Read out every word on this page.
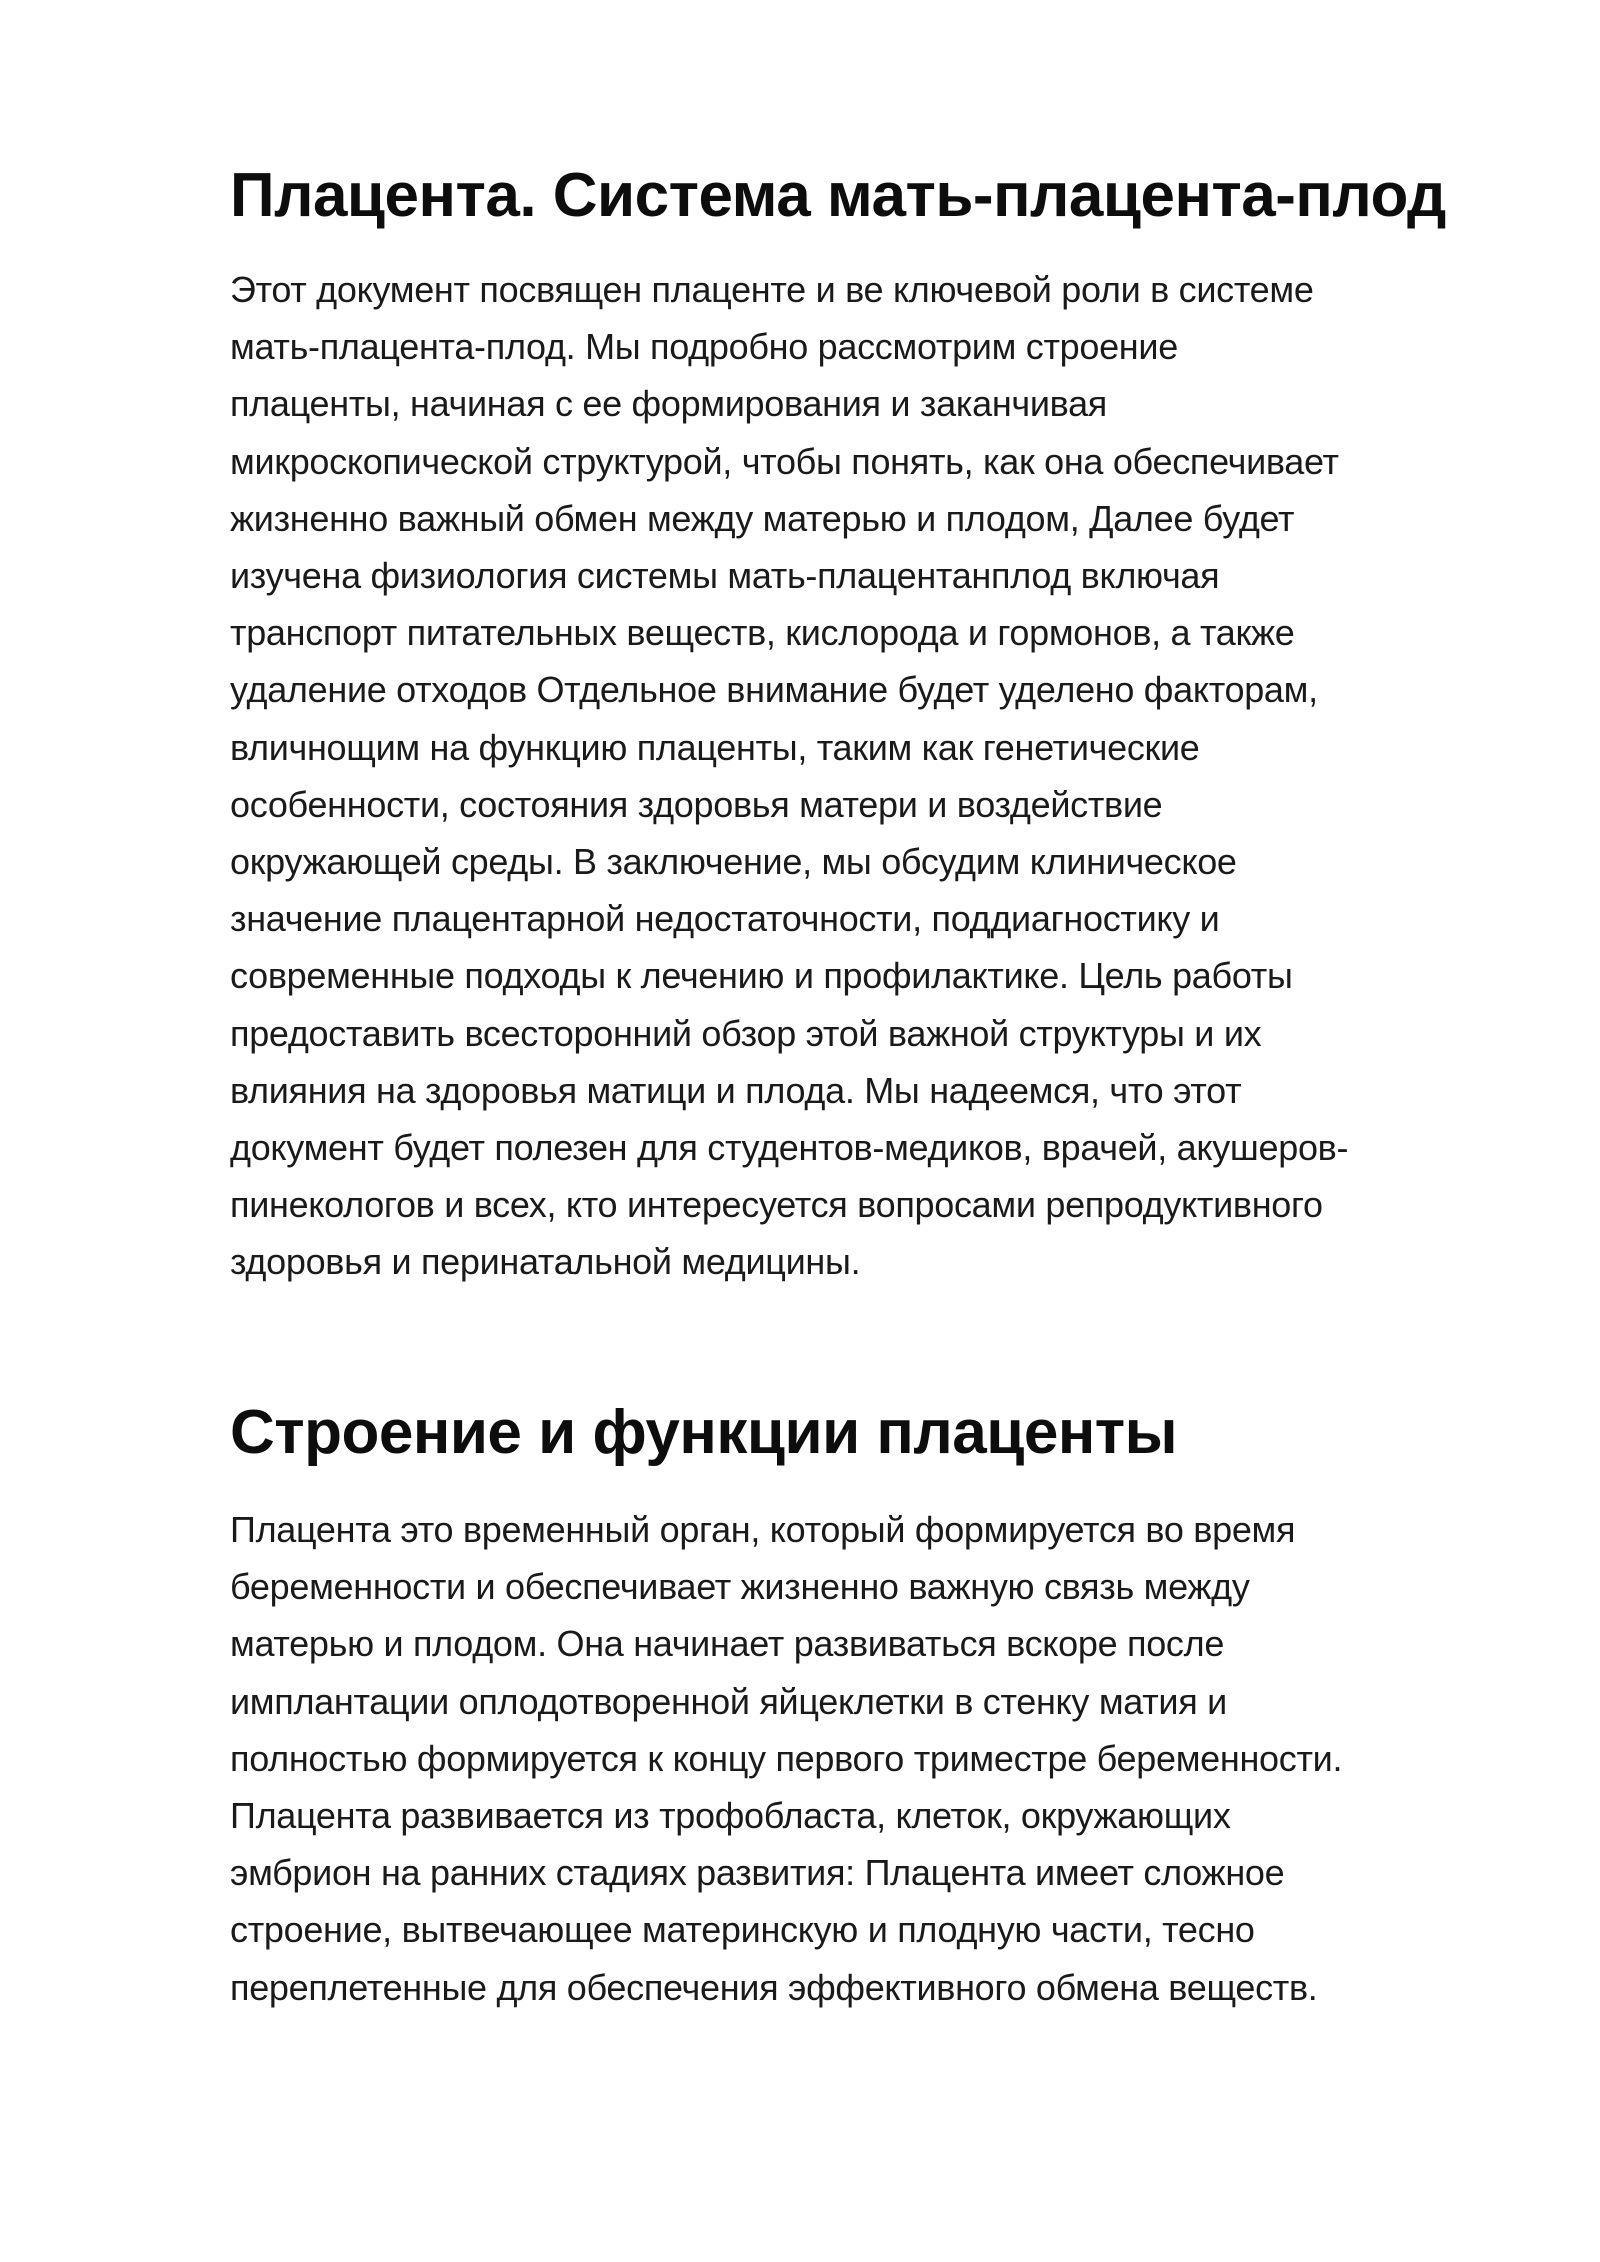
Плацента. Система мать-плацента-плод

Этот документ посвящен плаценте и ве ключевой роли в системе
мать-плацента-плод. Мы подробно рассмотрим строение
плаценты, начиная с ее формирования и заканчивая
микроскопической структурой, чтобы понять, как она обеспечивает
жизненно важный обмен между матерью и плодом, Далее будет
изучена физиология системы мать-плацентанплод включая
транспорт питательных веществ, кислорода и гормонов, а также
удаление отходов Отдельное внимание будет уделено факторам,
вличнощим на функцию плаценты, таким как генетические
особенности, состояния здоровья матери и воздействие
окружающей среды. В заключение, мы обсудим клиническое
значение плацентарной недостаточности, поддиагностику и
современные подходы к лечению и профилактике. Цель работы
предоставить всесторонний обзор этой важной структуры и их
влияния на здоровья матици и плода. Мы надеемся, что этот
документ будет полезен для студентов-медиков, врачей, акушеров-
пинекологов и всех, кто интересуется вопросами репродуктивного
здоровья и перинатальной медицины.

Строение и функции плаценты

Плацента это временный орган, который формируется во время
беременности и обеспечивает жизненно важную связь между
матерью и плодом. Она начинает развиваться вскоре после
имплантации оплодотворенной яйцеклетки в стенку матия и
полностью формируется к концу первого триместре беременности.
Плацента развивается из трофобласта, клеток, окружающих
эмбрион на ранних стадиях развития: Плацента имеет сложное
строение, вытвечающее материнскую и плодную части, тесно
переплетенные для обеспечения эффективного обмена веществ.
